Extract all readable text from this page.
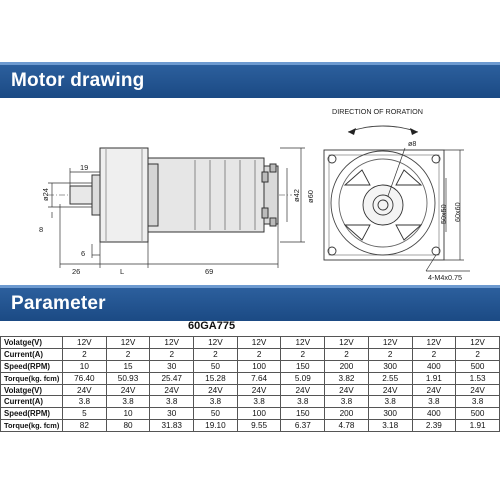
Motor drawing
19
ø24
8
6
26	L	69
ø42 ø60
DIRECTION OF RORATION
ø8
50x50 60x60
4-M4x0.75
Parameter
60GA775
Volatge(V)	12V	12V	12V	12V	12V	12V	12V	12V	12V	12V
Current(A)	2	2	2	2	2	2	2	2	2	2
Speed(RPM)	10	15	30	50	100	150	200	300	400	500
Torque(kg. fcm)	76.40	50.93	25.47	15.28	7.64	5.09	3.82	2.55	1.91	1.53
Volatge(V)	24V	24V	24V	24V	24V	24V	24V	24V	24V	24V
Current(A)	3.8	3.8	3.8	3.8	3.8	3.8	3.8	3.8	3.8	3.8
Speed(RPM)	5	10	30	50	100	150	200	300	400	500
Torque(kg. fcm)	82	80	31.83	19.10	9.55	6.37	4.78	3.18	2.39	1.91
